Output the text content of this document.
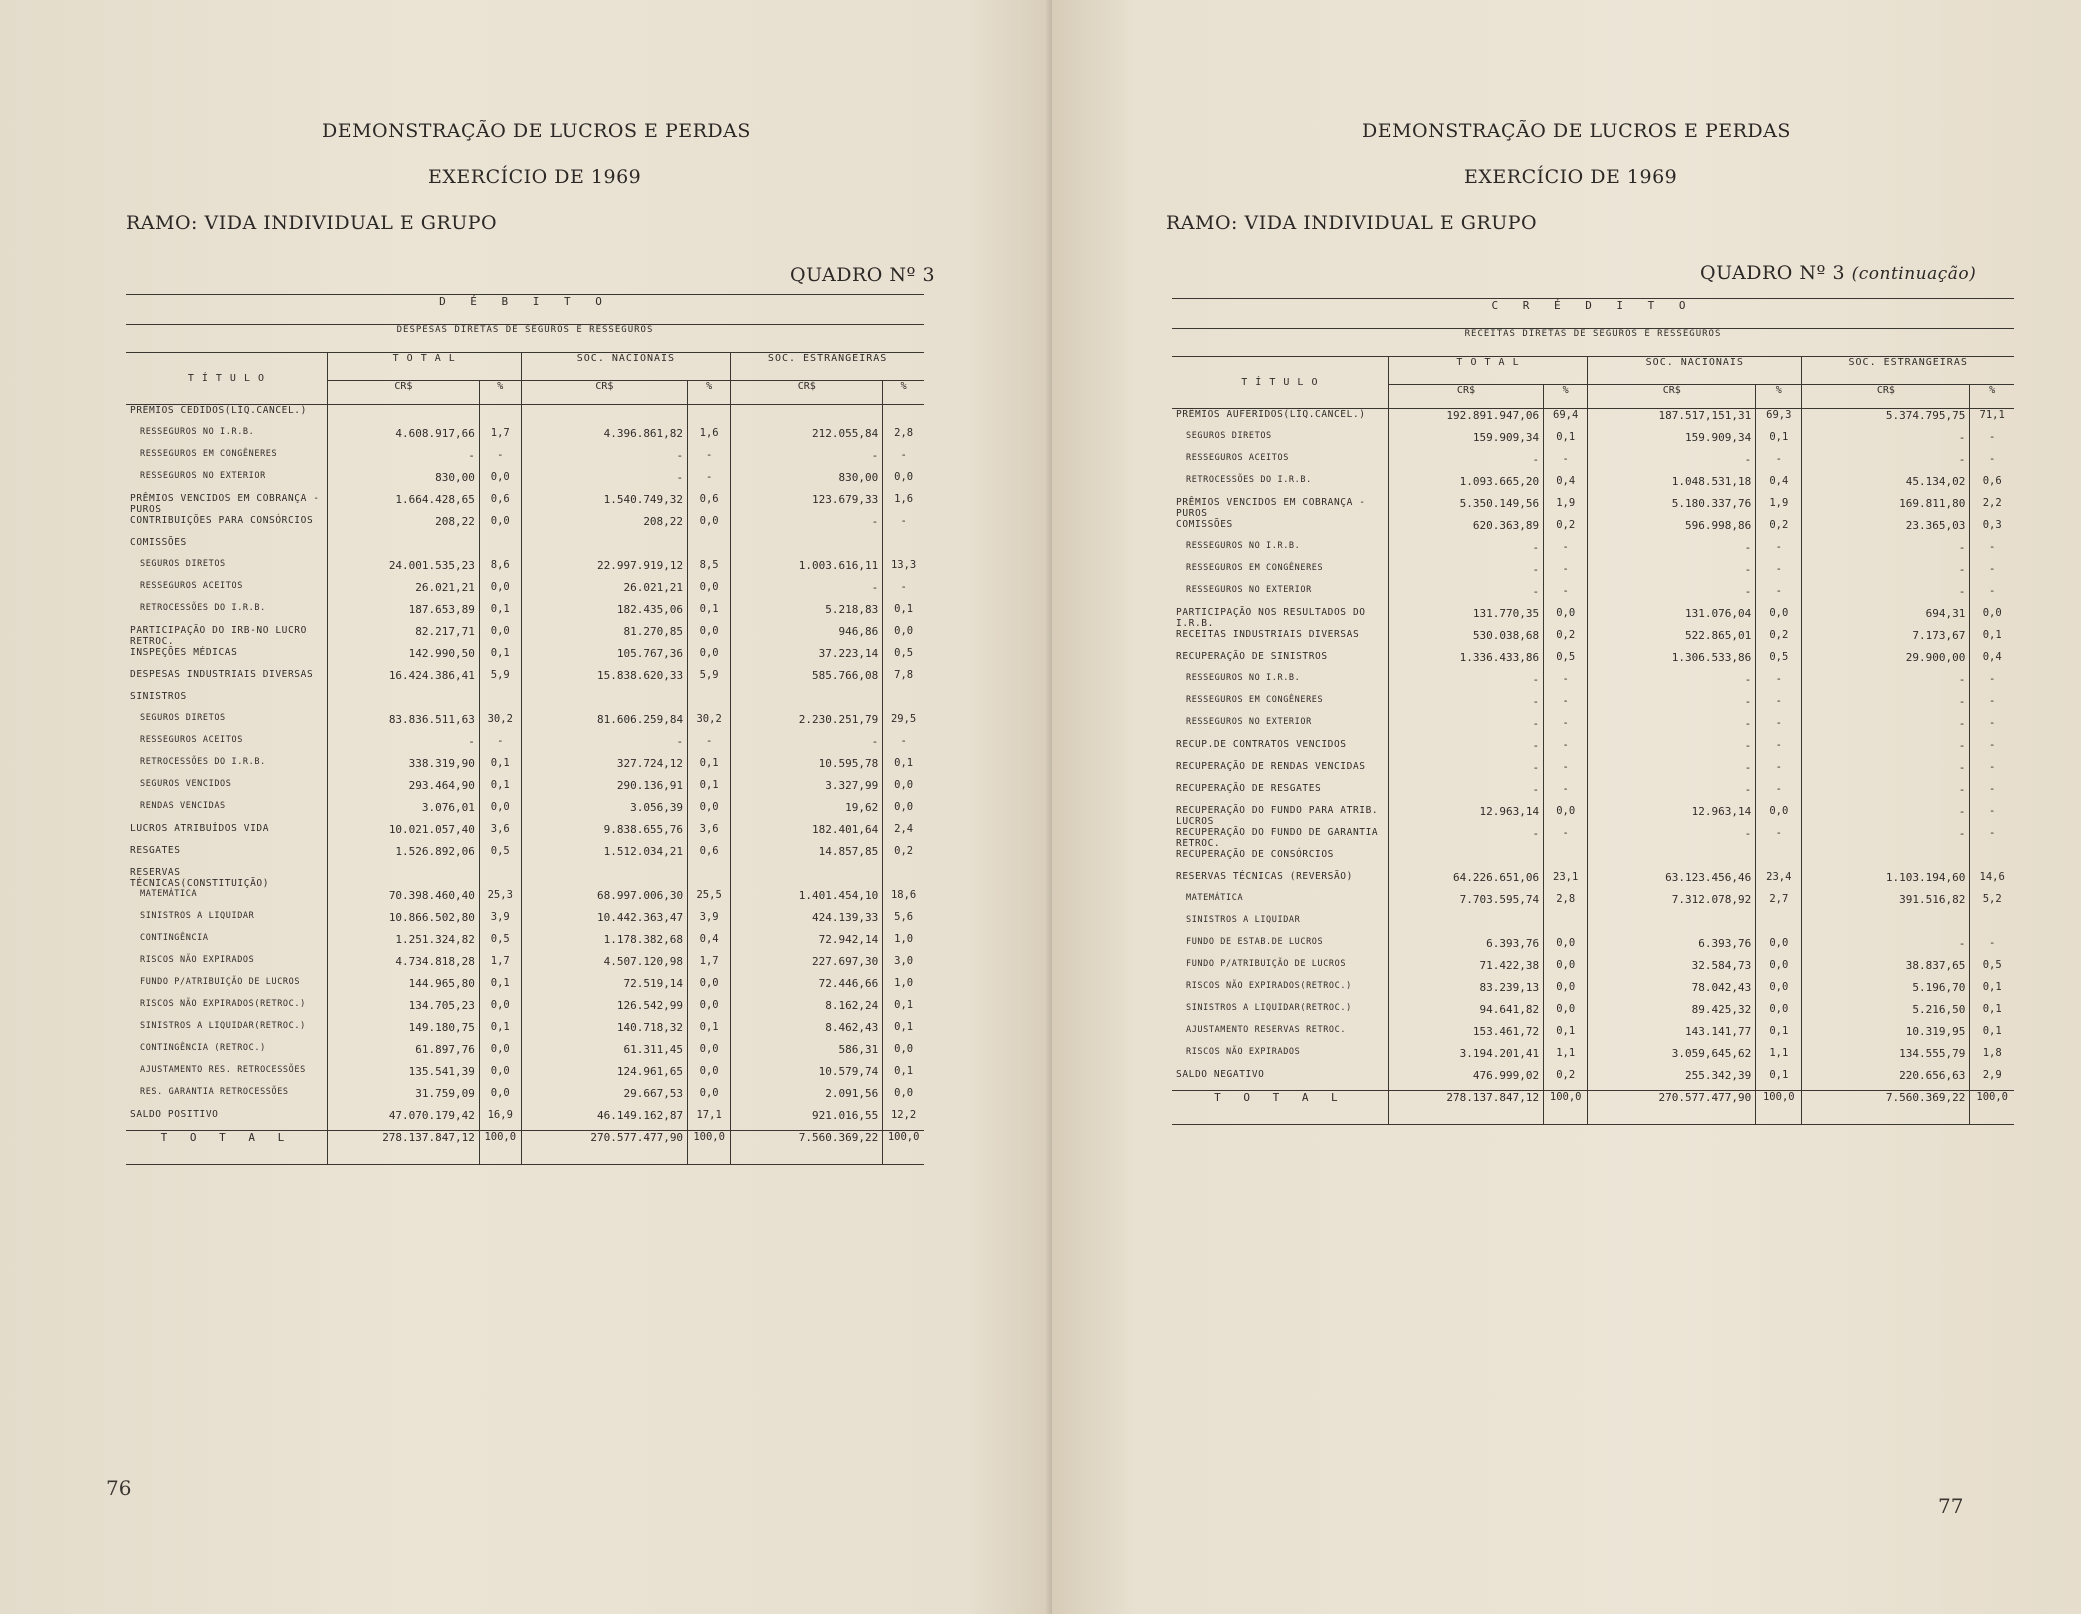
DEMONSTRAÇÃO DE LUCROS E PERDAS
EXERCÍCIO DE 1969
RAMO: VIDA INDIVIDUAL E GRUPO
QUADRO Nº 3
D É B I T O						
DESPESAS DIRETAS DE SEGUROS E RESSEGUROS						
T Í T U L O	T O T A L		SOC. NACIONAIS		SOC. ESTRANGEIRAS	
	CR$	%	CR$	%	CR$	%
PRÊMIOS CEDIDOS(LÍQ.CANCEL.)						
RESSEGUROS NO I.R.B.	4.608.917,66	1,7	4.396.861,82	1,6	212.055,84	2,8
RESSEGUROS EM CONGÊNERES	-	-	-	-	-	-
RESSEGUROS NO EXTERIOR	830,00	0,0	-	-	830,00	0,0
PRÊMIOS VENCIDOS EM COBRANÇA - PUROS	1.664.428,65	0,6	1.540.749,32	0,6	123.679,33	1,6
CONTRIBUIÇÕES PARA CONSÓRCIOS	208,22	0,0	208,22	0,0	-	-
COMISSÕES						
SEGUROS DIRETOS	24.001.535,23	8,6	22.997.919,12	8,5	1.003.616,11	13,3
RESSEGUROS ACEITOS	26.021,21	0,0	26.021,21	0,0	-	-
RETROCESSÕES DO I.R.B.	187.653,89	0,1	182.435,06	0,1	5.218,83	0,1
PARTICIPAÇÃO DO IRB-NO LUCRO RETROC.	82.217,71	0,0	81.270,85	0,0	946,86	0,0
INSPEÇÕES MÉDICAS	142.990,50	0,1	105.767,36	0,0	37.223,14	0,5
DESPESAS INDUSTRIAIS DIVERSAS	16.424.386,41	5,9	15.838.620,33	5,9	585.766,08	7,8
SINISTROS						
SEGUROS DIRETOS	83.836.511,63	30,2	81.606.259,84	30,2	2.230.251,79	29,5
RESSEGUROS ACEITOS	-	-	-	-	-	-
RETROCESSÕES DO I.R.B.	338.319,90	0,1	327.724,12	0,1	10.595,78	0,1
SEGUROS VENCIDOS	293.464,90	0,1	290.136,91	0,1	3.327,99	0,0
RENDAS VENCIDAS	3.076,01	0,0	3.056,39	0,0	19,62	0,0
LUCROS ATRIBUÍDOS VIDA	10.021.057,40	3,6	9.838.655,76	3,6	182.401,64	2,4
RESGATES	1.526.892,06	0,5	1.512.034,21	0,6	14.857,85	0,2
RESERVAS TÉCNICAS(CONSTITUIÇÃO)						
MATEMÁTICA	70.398.460,40	25,3	68.997.006,30	25,5	1.401.454,10	18,6
SINISTROS A LIQUIDAR	10.866.502,80	3,9	10.442.363,47	3,9	424.139,33	5,6
CONTINGÊNCIA	1.251.324,82	0,5	1.178.382,68	0,4	72.942,14	1,0
RISCOS NÃO EXPIRADOS	4.734.818,28	1,7	4.507.120,98	1,7	227.697,30	3,0
FUNDO P/ATRIBUIÇÃO DE LUCROS	144.965,80	0,1	72.519,14	0,0	72.446,66	1,0
RISCOS NÃO EXPIRADOS(RETROC.)	134.705,23	0,0	126.542,99	0,0	8.162,24	0,1
SINISTROS A LIQUIDAR(RETROC.)	149.180,75	0,1	140.718,32	0,1	8.462,43	0,1
CONTINGÊNCIA (RETROC.)	61.897,76	0,0	61.311,45	0,0	586,31	0,0
AJUSTAMENTO RES. RETROCESSÕES	135.541,39	0,0	124.961,65	0,0	10.579,74	0,1
RES. GARANTIA RETROCESSÕES	31.759,09	0,0	29.667,53	0,0	2.091,56	0,0
SALDO POSITIVO	47.070.179,42	16,9	46.149.162,87	17,1	921.016,55	12,2
T O T A L	278.137.847,12	100,0	270.577.477,90	100,0	7.560.369,22	100,0
76
DEMONSTRAÇÃO DE LUCROS E PERDAS
EXERCÍCIO DE 1969
RAMO: VIDA INDIVIDUAL E GRUPO
QUADRO Nº 3 (continuação)
C R É D I T O						
RECEITAS DIRETAS DE SEGUROS E RESSEGUROS						
T Í T U L O	T O T A L		SOC. NACIONAIS		SOC. ESTRANGEIRAS	
	CR$	%	CR$	%	CR$	%
PRÊMIOS AUFERIDOS(LÍQ.CANCEL.)	192.891.947,06	69,4	187.517,151,31	69,3	5.374.795,75	71,1
SEGUROS DIRETOS	159.909,34	0,1	159.909,34	0,1	-	-
RESSEGUROS ACEITOS	-	-	-	-	-	-
RETROCESSÕES DO I.R.B.	1.093.665,20	0,4	1.048.531,18	0,4	45.134,02	0,6
PRÊMIOS VENCIDOS EM COBRANÇA - PUROS	5.350.149,56	1,9	5.180.337,76	1,9	169.811,80	2,2
COMISSÕES	620.363,89	0,2	596.998,86	0,2	23.365,03	0,3
RESSEGUROS NO I.R.B.	-	-	-	-	-	-
RESSEGUROS EM CONGÊNERES	-	-	-	-	-	-
RESSEGUROS NO EXTERIOR	-	-	-	-	-	-
PARTICIPAÇÃO NOS RESULTADOS DO I.R.B.	131.770,35	0,0	131.076,04	0,0	694,31	0,0
RECEITAS INDUSTRIAIS DIVERSAS	530.038,68	0,2	522.865,01	0,2	7.173,67	0,1
RECUPERAÇÃO DE SINISTROS	1.336.433,86	0,5	1.306.533,86	0,5	29.900,00	0,4
RESSEGUROS NO I.R.B.	-	-	-	-	-	-
RESSEGUROS EM CONGÊNERES	-	-	-	-	-	-
RESSEGUROS NO EXTERIOR	-	-	-	-	-	-
RECUP.DE CONTRATOS VENCIDOS	-	-	-	-	-	-
RECUPERAÇÃO DE RENDAS VENCIDAS	-	-	-	-	-	-
RECUPERAÇÃO DE RESGATES	-	-	-	-	-	-
RECUPERAÇÃO DO FUNDO PARA ATRIB. LUCROS	12.963,14	0,0	12.963,14	0,0	-	-
RECUPERAÇÃO DO FUNDO DE GARANTIA RETROC.	-	-	-	-	-	-
RECUPERAÇÃO DE CONSÓRCIOS						
RESERVAS TÉCNICAS (REVERSÃO)	64.226.651,06	23,1	63.123.456,46	23,4	1.103.194,60	14,6
MATEMÁTICA	7.703.595,74	2,8	7.312.078,92	2,7	391.516,82	5,2
SINISTROS A LIQUIDAR						
FUNDO DE ESTAB.DE LUCROS	6.393,76	0,0	6.393,76	0,0	-	-
FUNDO P/ATRIBUIÇÃO DE LUCROS	71.422,38	0,0	32.584,73	0,0	38.837,65	0,5
RISCOS NÃO EXPIRADOS(RETROC.)	83.239,13	0,0	78.042,43	0,0	5.196,70	0,1
SINISTROS A LIQUIDAR(RETROC.)	94.641,82	0,0	89.425,32	0,0	5.216,50	0,1
AJUSTAMENTO RESERVAS RETROC.	153.461,72	0,1	143.141,77	0,1	10.319,95	0,1
RISCOS NÃO EXPIRADOS	3.194.201,41	1,1	3.059,645,62	1,1	134.555,79	1,8
SALDO NEGATIVO	476.999,02	0,2	255.342,39	0,1	220.656,63	2,9
T O T A L	278.137.847,12	100,0	270.577.477,90	100,0	7.560.369,22	100,0
77
